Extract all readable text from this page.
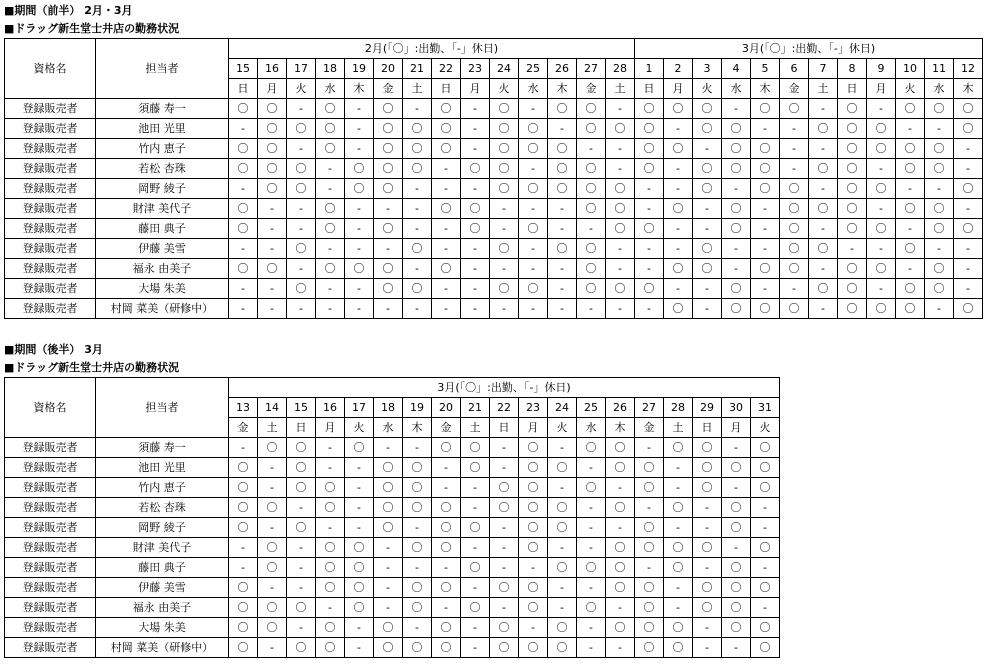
■期間（前半） 2月・3月
■ドラッグ新生堂士井店の勤務状況
資格名	担当者	2月(「〇」:出勤、「-」休日)														3月(「〇」:出勤、「-」休日)											
		15	16	17	18	19	20	21	22	23	24	25	26	27	28	1	2	3	4	5	6	7	8	9	10	11	12
		日	月	火	水	木	金	土	日	月	火	水	木	金	土	日	月	火	水	木	金	土	日	月	火	水	木
登録販売者	須藤 寿一	〇	〇	-	〇	-	〇	-	〇	-	〇	-	〇	〇	-	〇	〇	〇	-	〇	〇	-	〇	-	〇	〇	〇
登録販売者	池田 光里	-	〇	〇	〇	-	〇	〇	〇	-	〇	〇	-	〇	〇	〇	-	〇	〇	-	-	〇	〇	〇	-	-	〇
登録販売者	竹内 恵子	〇	〇	-	〇	-	〇	〇	〇	-	〇	〇	〇	-	-	〇	〇	-	〇	〇	-	-	〇	〇	〇	〇	-
登録販売者	若松 杏珠	〇	〇	〇	-	〇	〇	〇	-	〇	〇	-	〇	〇	-	〇	-	〇	〇	〇	-	〇	〇	-	〇	〇	-
登録販売者	岡野 綾子	-	〇	〇	-	〇	〇	-	-	-	〇	〇	〇	〇	〇	-	-	〇	-	〇	〇	-	〇	〇	-	-	〇
登録販売者	財津 美代子	〇	-	-	〇	-	-	-	〇	〇	-	-	-	〇	〇	-	〇	-	〇	-	〇	〇	〇	-	〇	〇	-
登録販売者	藤田 典子	〇	-	-	〇	-	〇	-	-	〇	-	〇	-	-	〇	〇	-	-	〇	-	〇	-	〇	〇	-	〇	〇
登録販売者	伊藤 美雪	-	-	〇	-	-	-	〇	-	-	〇	-	〇	〇	-	-	-	〇	-	-	〇	〇	-	-	〇	-	-
登録販売者	福永 由美子	〇	〇	-	〇	〇	〇	-	〇	-	-	-	-	〇	-	-	〇	〇	-	〇	〇	-	〇	〇	-	〇	-
登録販売者	大場 朱美	-	-	〇	-	-	〇	〇	-	-	〇	〇	-	〇	〇	〇	-	-	〇	-	-	〇	〇	-	〇	〇	-
登録販売者	村岡 菜美（研修中）	-	-	-	-	-	-	-	-	-	-	-	-	-	-	-	〇	-	〇	〇	〇	-	〇	〇	〇	-	〇
■期間（後半） 3月
■ドラッグ新生堂士井店の勤務状況
資格名	担当者	3月(「〇」:出勤、「-」休日)																		
		13	14	15	16	17	18	19	20	21	22	23	24	25	26	27	28	29	30	31
		金	土	日	月	火	水	木	金	土	日	月	火	水	木	金	土	日	月	火
登録販売者	須藤 寿一	-	〇	〇	-	〇	-	-	〇	〇	-	〇	-	〇	〇	-	〇	〇	-	〇
登録販売者	池田 光里	〇	-	〇	-	-	〇	〇	-	〇	-	〇	〇	-	〇	〇	-	〇	〇	〇
登録販売者	竹内 恵子	〇	-	〇	〇	-	〇	〇	-	-	〇	〇	-	〇	-	〇	-	〇	-	〇
登録販売者	若松 杏珠	〇	〇	-	〇	-	〇	〇	〇	-	〇	〇	〇	-	〇	-	〇	-	〇	-
登録販売者	岡野 綾子	〇	-	〇	-	-	〇	-	〇	〇	-	〇	〇	-	-	〇	-	-	〇	-
登録販売者	財津 美代子	-	〇	-	〇	〇	-	〇	〇	-	-	〇	-	-	〇	〇	〇	〇	-	〇
登録販売者	藤田 典子	-	〇	-	〇	〇	-	-	-	〇	-	-	〇	〇	〇	-	〇	-	〇	-
登録販売者	伊藤 美雪	〇	-	-	〇	〇	-	〇	〇	-	〇	〇	-	-	〇	〇	-	〇	〇	〇
登録販売者	福永 由美子	〇	〇	〇	-	〇	-	〇	-	〇	-	〇	-	〇	-	〇	-	〇	〇	-
登録販売者	大場 朱美	〇	〇	-	〇	-	〇	-	〇	-	〇	-	〇	-	〇	〇	〇	-	〇	〇
登録販売者	村岡 菜美（研修中）	〇	-	〇	〇	-	〇	〇	〇	-	〇	〇	〇	-	-	〇	〇	-	-	〇
